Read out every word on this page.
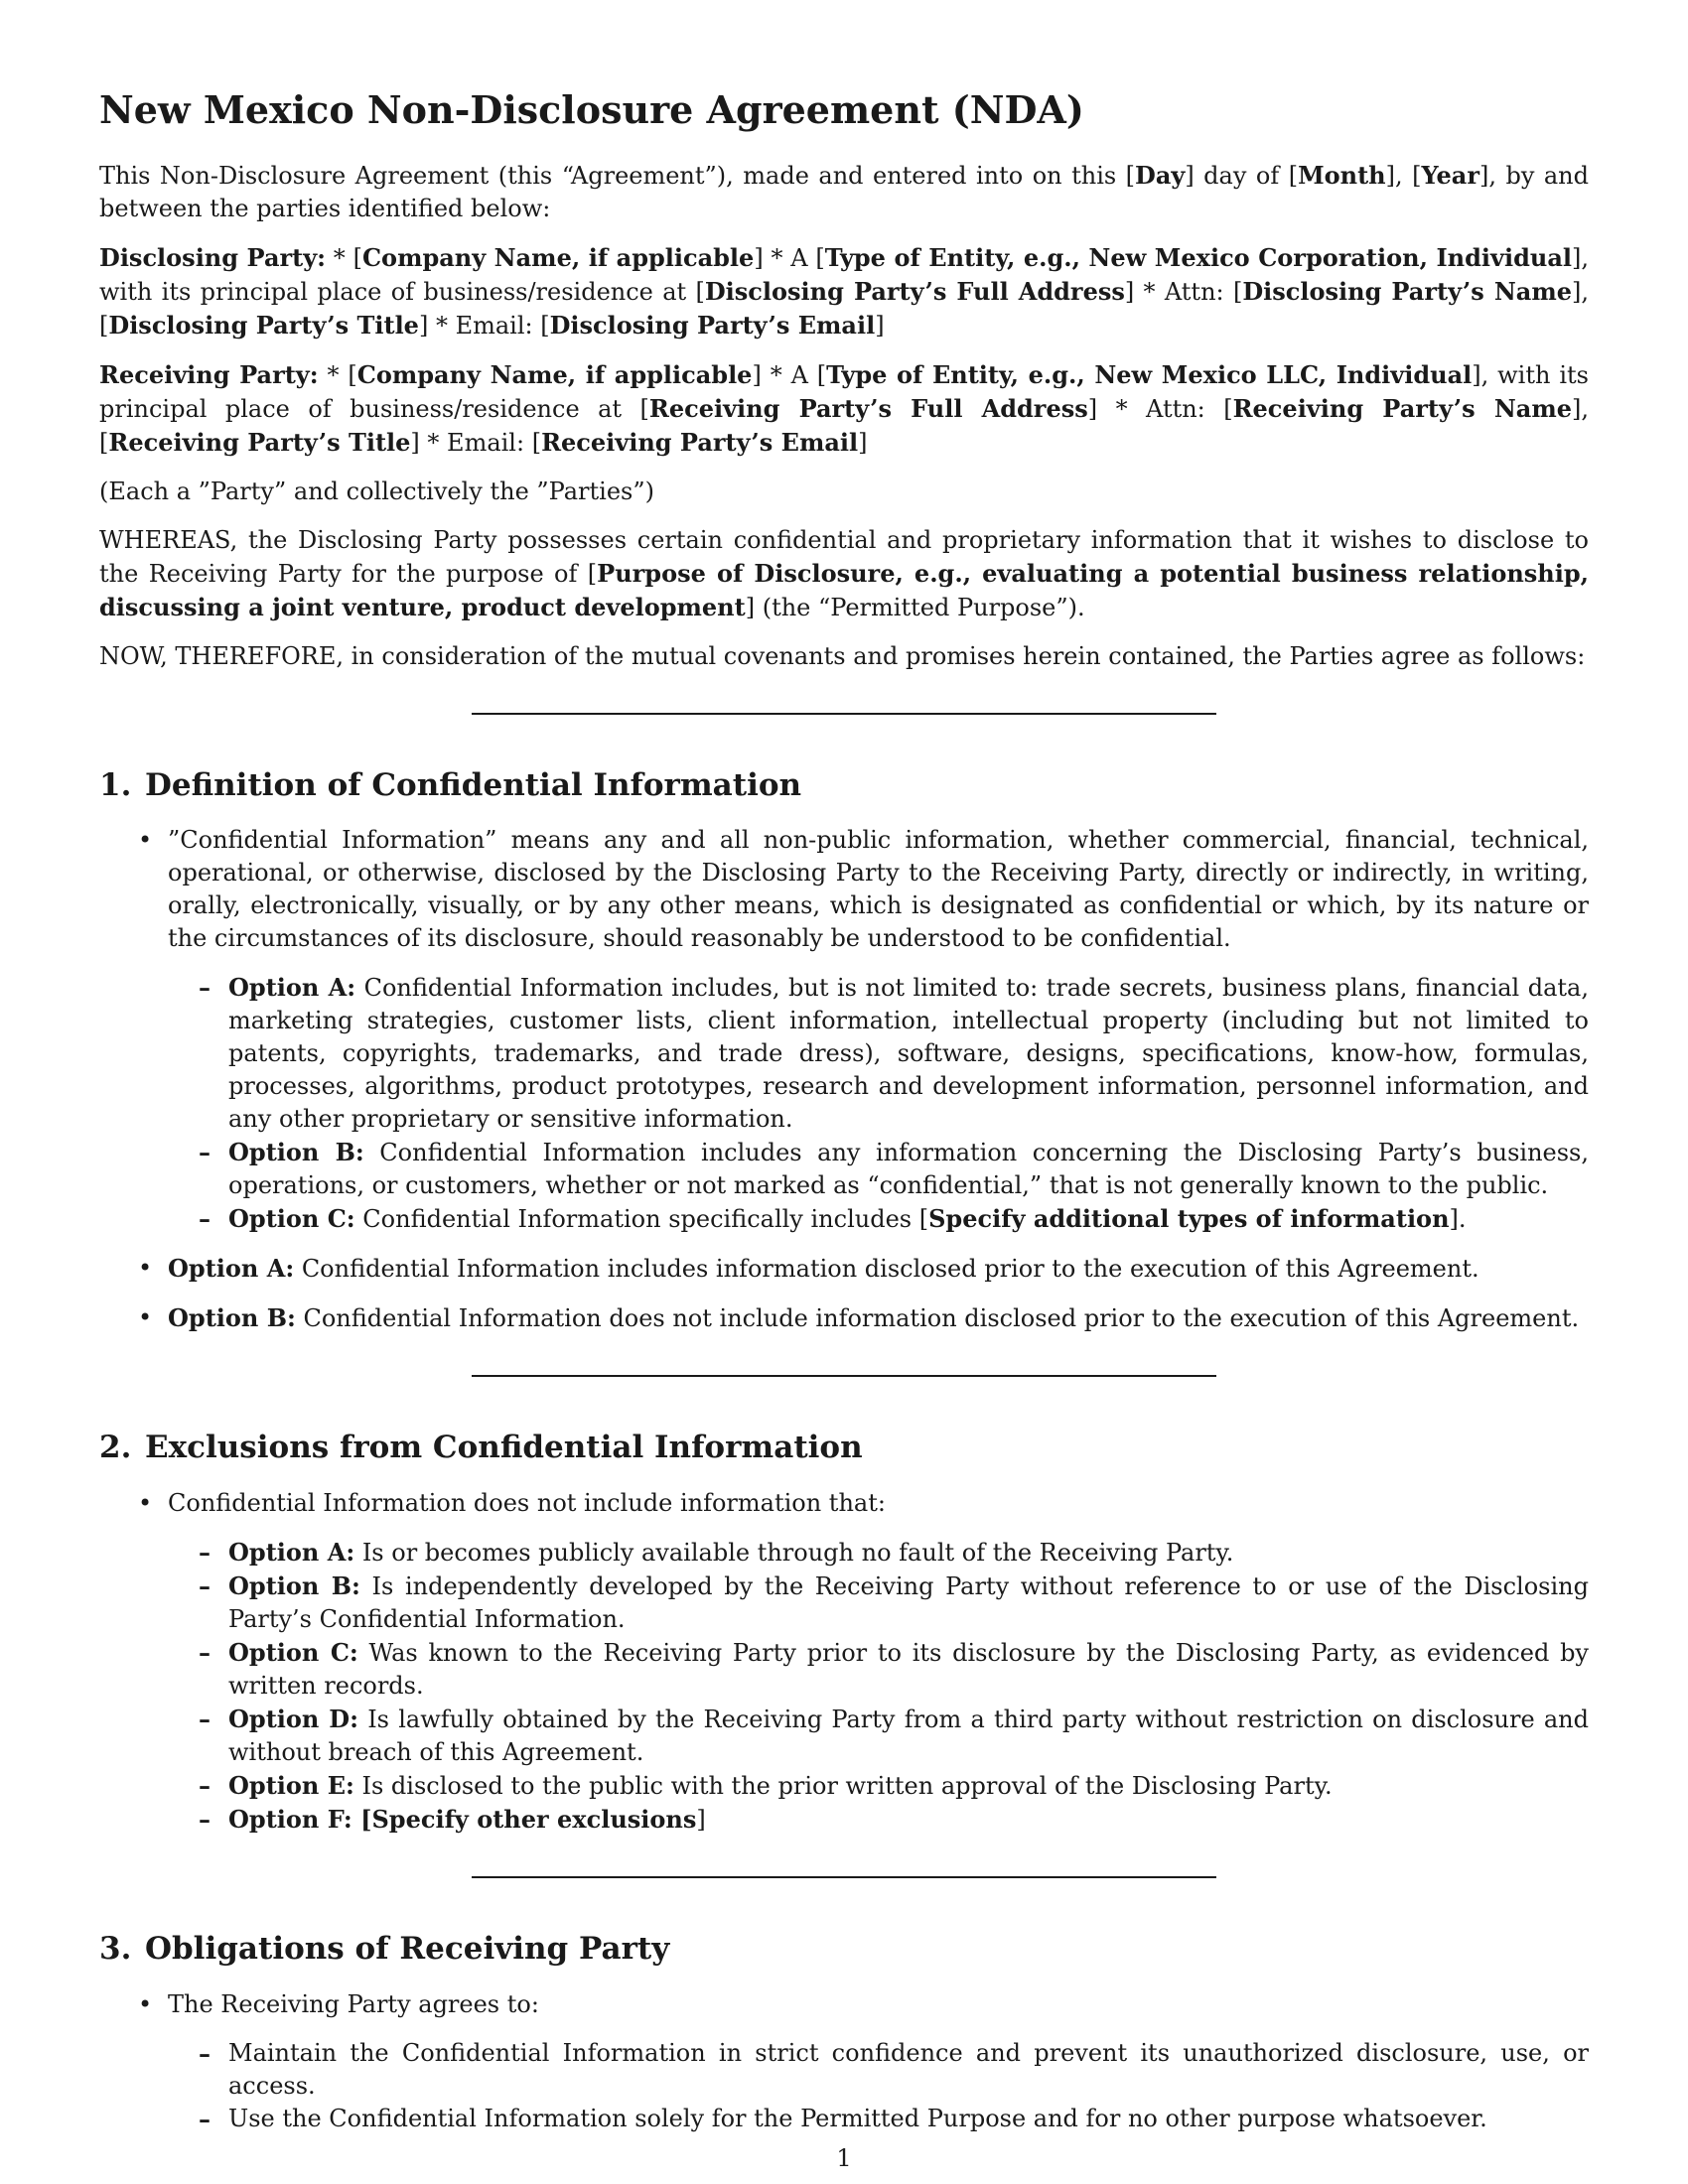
New Mexico Non-Disclosure Agreement (NDA)

This Non-Disclosure Agreement (this “Agreement”), made and entered into on this [Day] day of [Month], [Year], by and between the parties identified below:

Disclosing Party: * [Company Name, if applicable] * A [Type of Entity, e.g., New Mexico Corporation, Individual], with its principal place of business/residence at [Disclosing Party’s Full Address] * Attn: [Disclosing Party’s Name], [Disclosing Party’s Title] * Email: [Disclosing Party’s Email]

Receiving Party: * [Company Name, if applicable] * A [Type of Entity, e.g., New Mexico LLC, Individual], with its principal place of business/residence at [Receiving Party’s Full Address] * Attn: [Receiving Party’s Name], [Receiving Party’s Title] * Email: [Receiving Party’s Email]

(Each a ”Party” and collectively the ”Parties”)

WHEREAS, the Disclosing Party possesses certain confidential and proprietary information that it wishes to disclose to the Receiving Party for the purpose of [Purpose of Disclosure, e.g., evaluating a potential business relationship, discussing a joint venture, product development] (the “Permitted Purpose”).

NOW, THEREFORE, in consideration of the mutual covenants and promises herein contained, the Parties agree as follows:

1. Definition of Confidential Information
• ”Confidential Information” means any and all non-public information, whether commercial, financial, technical, operational, or otherwise, disclosed by the Disclosing Party to the Receiving Party, directly or indirectly, in writing, orally, electronically, visually, or by any other means, which is designated as confidential or which, by its nature or the circumstances of its disclosure, should reasonably be understood to be confidential.
– Option A: Confidential Information includes, but is not limited to: trade secrets, business plans, financial data, marketing strategies, customer lists, client information, intellectual property (including but not limited to patents, copyrights, trademarks, and trade dress), software, designs, specifications, know-how, formulas, processes, algorithms, product prototypes, research and development information, personnel information, and any other proprietary or sensitive information.
– Option B: Confidential Information includes any information concerning the Disclosing Party’s business, operations, or customers, whether or not marked as “confidential,” that is not generally known to the public.
– Option C: Confidential Information specifically includes [Specify additional types of information].
• Option A: Confidential Information includes information disclosed prior to the execution of this Agreement.
• Option B: Confidential Information does not include information disclosed prior to the execution of this Agreement.
2. Exclusions from Confidential Information
• Confidential Information does not include information that:
– Option A: Is or becomes publicly available through no fault of the Receiving Party.
– Option B: Is independently developed by the Receiving Party without reference to or use of the Disclosing Party’s Confidential Information.
– Option C: Was known to the Receiving Party prior to its disclosure by the Disclosing Party, as evidenced by written records.
– Option D: Is lawfully obtained by the Receiving Party from a third party without restriction on disclosure and without breach of this Agreement.
– Option E: Is disclosed to the public with the prior written approval of the Disclosing Party.
– Option F: [Specify other exclusions]
3. Obligations of Receiving Party
• The Receiving Party agrees to:
– Maintain the Confidential Information in strict confidence and prevent its unauthorized disclosure, use, or access.
– Use the Confidential Information solely for the Permitted Purpose and for no other purpose whatsoever.
1
